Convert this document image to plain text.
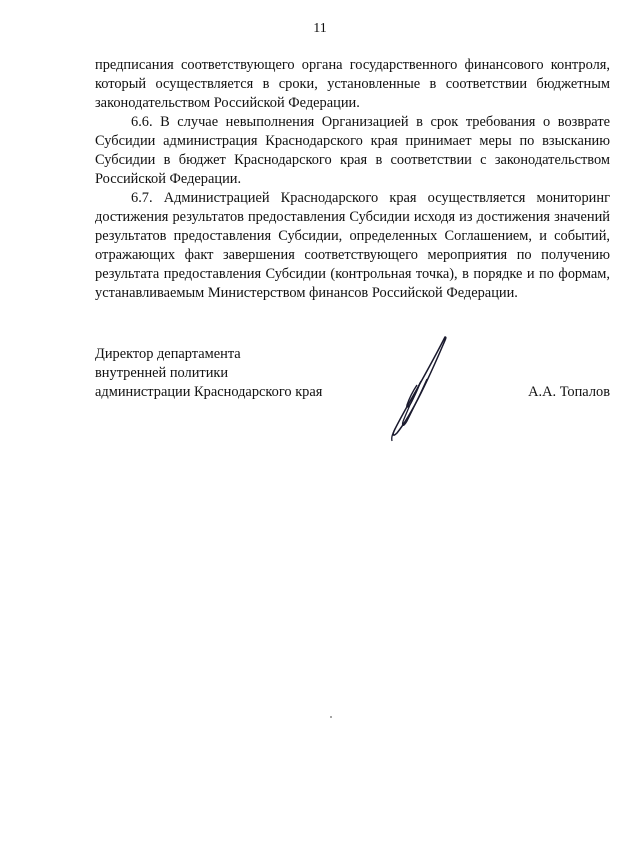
11

предписания соответствующего органа государственного финансового контроля, который осуществляется в сроки, установленные в соответствии бюджетным законодательством Российской Федерации.

6.6. В случае невыполнения Организацией в срок требования о возврате Субсидии администрация Краснодарского края принимает меры по взысканию Субсидии в бюджет Краснодарского края в соответствии с законодательством Российской Федерации.

6.7. Администрацией Краснодарского края осуществляется мониторинг достижения результатов предоставления Субсидии исходя из достижения значений результатов предоставления Субсидии, определенных Соглашением, и событий, отражающих факт завершения соответствующего мероприятия по получению результата предоставления Субсидии (контрольная точка), в порядке и по формам, устанавливаемым Министерством финансов Российской Федерации.

Директор департамента
внутренней политики
администрации Краснодарского края	А.А. Топалов
